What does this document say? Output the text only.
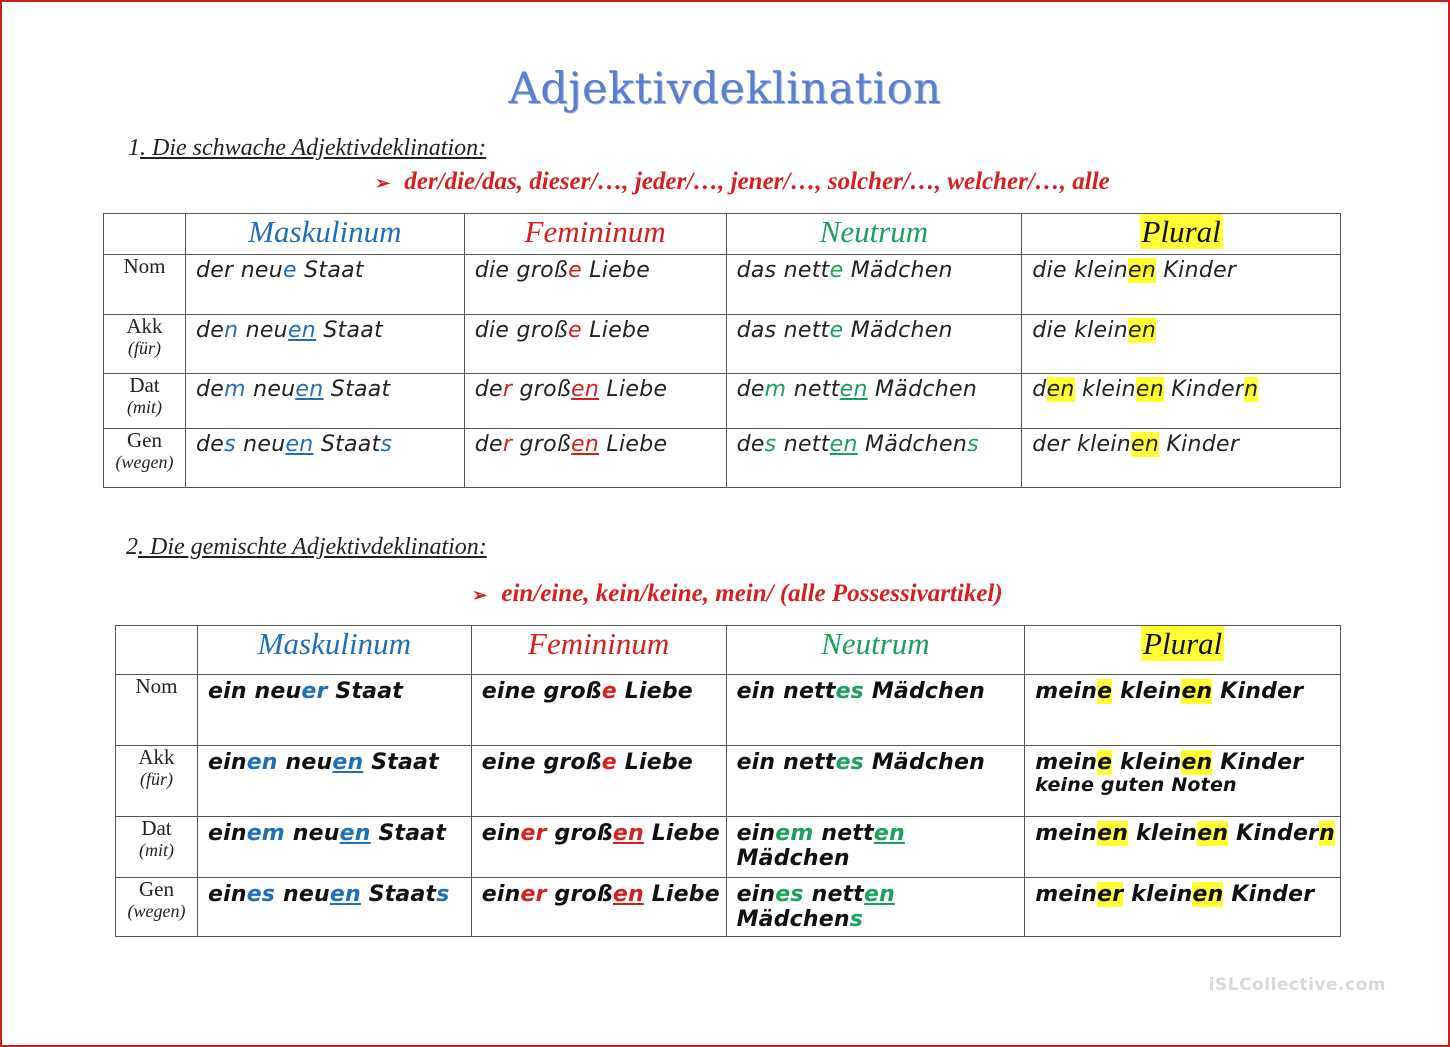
Adjektivdeklination
1. Die schwache Adjektivdeklination:
➢ der/die/das, dieser/…, jeder/…, jener/…, solcher/…, welcher/…, alle
	Maskulinum	Femininum	Neutrum	Plural
Nom	der neue Staat	die große Liebe	das nette Mädchen	die kleinen Kinder

Akk
(für)	den neuen Staat	die große Liebe	das nette Mädchen	die kleinen

Dat
(mit)	dem neuen Staat	der großen Liebe	dem netten Mädchen	den kleinen Kindern

Gen
(wegen)	des neuen Staats	der großen Liebe	des netten Mädchens	der kleinen Kinder
2. Die gemischte Adjektivdeklination:
➢ ein/eine, kein/keine, mein/ (alle Possessivartikel)
	Maskulinum	Femininum	Neutrum	Plural
Nom	ein neuer Staat	eine große Liebe	ein nettes Mädchen	meine kleinen Kinder

Akk
(für)	einen neuen Staat	eine große Liebe	ein nettes Mädchen	meine kleinen Kinder
keine guten Noten

Dat
(mit)	einem neuen Staat	einer großen Liebe	einem netten Mädchen	meinen kleinen Kindern

Gen
(wegen)	eines neuen Staats	einer großen Liebe	eines netten Mädchens	meiner kleinen Kinder
iSLCollective.com
